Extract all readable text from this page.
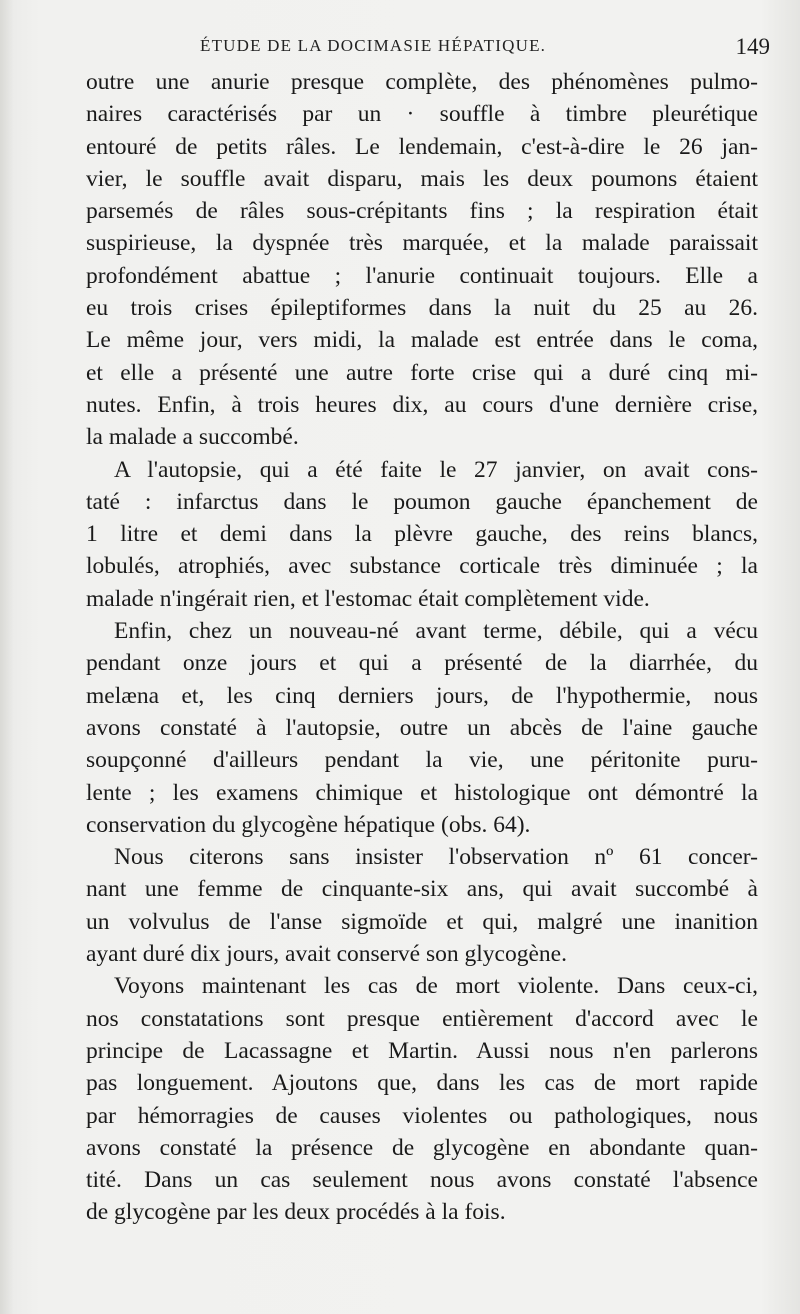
ÉTUDE DE LA DOCIMASIE HÉPATIQUE.	149

outre une anurie presque complète, des phénomènes pulmo-
naires caractérisés par un · souffle à timbre pleurétique
entouré de petits râles. Le lendemain, c'est-à-dire le 26 jan-
vier, le souffle avait disparu, mais les deux poumons étaient
parsemés de râles sous-crépitants fins ; la respiration était
suspirieuse, la dyspnée très marquée, et la malade paraissait
profondément abattue ; l'anurie continuait toujours. Elle a
eu trois crises épileptiformes dans la nuit du 25 au 26.
Le même jour, vers midi, la malade est entrée dans le coma,
et elle a présenté une autre forte crise qui a duré cinq mi-
nutes. Enfin, à trois heures dix, au cours d'une dernière crise,
la malade a succombé.

A l'autopsie, qui a été faite le 27 janvier, on avait cons-
taté : infarctus dans le poumon gauche épanchement de
1 litre et demi dans la plèvre gauche, des reins blancs,
lobulés, atrophiés, avec substance corticale très diminuée ; la
malade n'ingérait rien, et l'estomac était complètement vide.

Enfin, chez un nouveau-né avant terme, débile, qui a vécu
pendant onze jours et qui a présenté de la diarrhée, du
melæna et, les cinq derniers jours, de l'hypothermie, nous
avons constaté à l'autopsie, outre un abcès de l'aine gauche
soupçonné d'ailleurs pendant la vie, une péritonite puru-
lente ; les examens chimique et histologique ont démontré la
conservation du glycogène hépatique (obs. 64).

Nous citerons sans insister l'observation nº 61 concer-
nant une femme de cinquante-six ans, qui avait succombé à
un volvulus de l'anse sigmoïde et qui, malgré une inanition
ayant duré dix jours, avait conservé son glycogène.

Voyons maintenant les cas de mort violente. Dans ceux-ci,
nos constatations sont presque entièrement d'accord avec le
principe de Lacassagne et Martin. Aussi nous n'en parlerons
pas longuement. Ajoutons que, dans les cas de mort rapide
par hémorragies de causes violentes ou pathologiques, nous
avons constaté la présence de glycogène en abondante quan-
tité. Dans un cas seulement nous avons constaté l'absence
de glycogène par les deux procédés à la fois.
